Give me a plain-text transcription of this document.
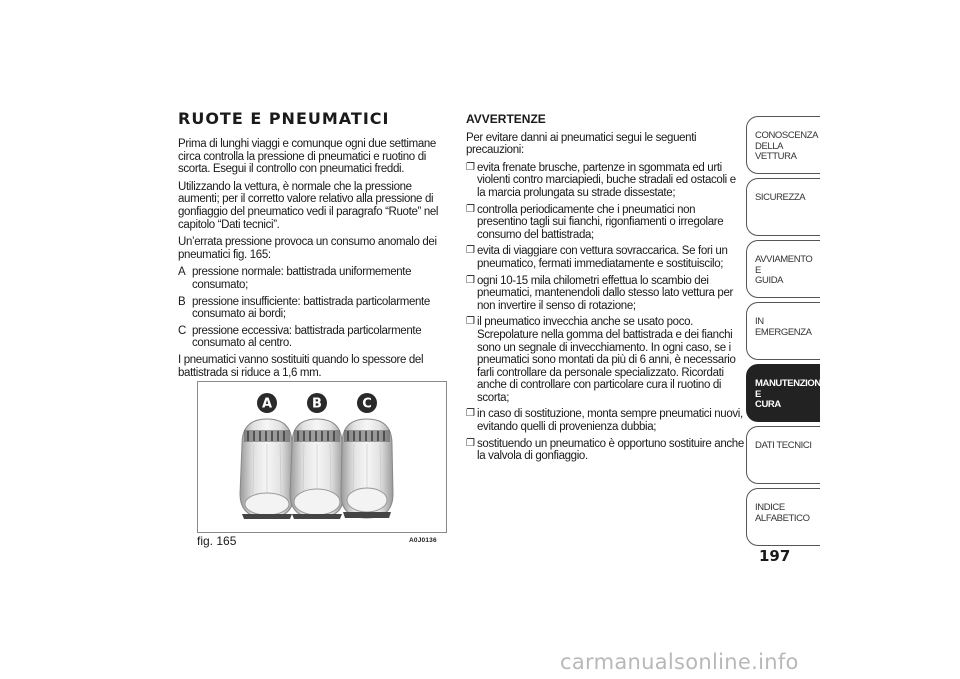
RUOTE E PNEUMATICI
Prima di lunghi viaggi e comunque ogni due settimane circa controlla la pressione di pneumatici e ruotino di scorta. Esegui il controllo con pneumatici freddi.
Utilizzando la vettura, è normale che la pressione aumenti; per il corretto valore relativo alla pressione di gonfiaggio del pneumatico vedi il paragrafo “Ruote” nel capitolo “Dati tecnici”.
Un’errata pressione provoca un consumo anomalo dei pneumatici fig. 165:
A pressione normale: battistrada uniformemente consumato;
B pressione insufficiente: battistrada particolarmente consumato ai bordi;
C pressione eccessiva: battistrada particolarmente consumato al centro.
I pneumatici vanno sostituiti quando lo spessore del battistrada si riduce a 1,6 mm.
A	B	C
fig. 165	A0J0136
AVVERTENZE
Per evitare danni ai pneumatici segui le seguenti precauzioni:
❐ evita frenate brusche, partenze in sgommata ed urti violenti contro marciapiedi, buche stradali ed ostacoli e la marcia prolungata su strade dissestate;
❐ controlla periodicamente che i pneumatici non presentino tagli sui fianchi, rigonfiamenti o irregolare consumo del battistrada;
❐ evita di viaggiare con vettura sovraccarica. Se fori un pneumatico, fermati immediatamente e sostituiscilo;
❐ ogni 10-15 mila chilometri effettua lo scambio dei pneumatici, mantenendoli dallo stesso lato vettura per non invertire il senso di rotazione;
❐ il pneumatico invecchia anche se usato poco. Screpolature nella gomma del battistrada e dei fianchi sono un segnale di invecchiamento. In ogni caso, se i pneumatici sono montati da più di 6 anni, è necessario farli controllare da personale specializzato. Ricordati anche di controllare con particolare cura il ruotino di scorta;
❐ in caso di sostituzione, monta sempre pneumatici nuovi, evitando quelli di provenienza dubbia;
❐ sostituendo un pneumatico è opportuno sostituire anche la valvola di gonfiaggio.
CONOSCENZA
DELLA VETTURA
SICUREZZA
AVVIAMENTO E
GUIDA
IN EMERGENZA
MANUTENZIONE E
CURA
DATI TECNICI
INDICE ALFABETICO
197
carmanualsonline.info
